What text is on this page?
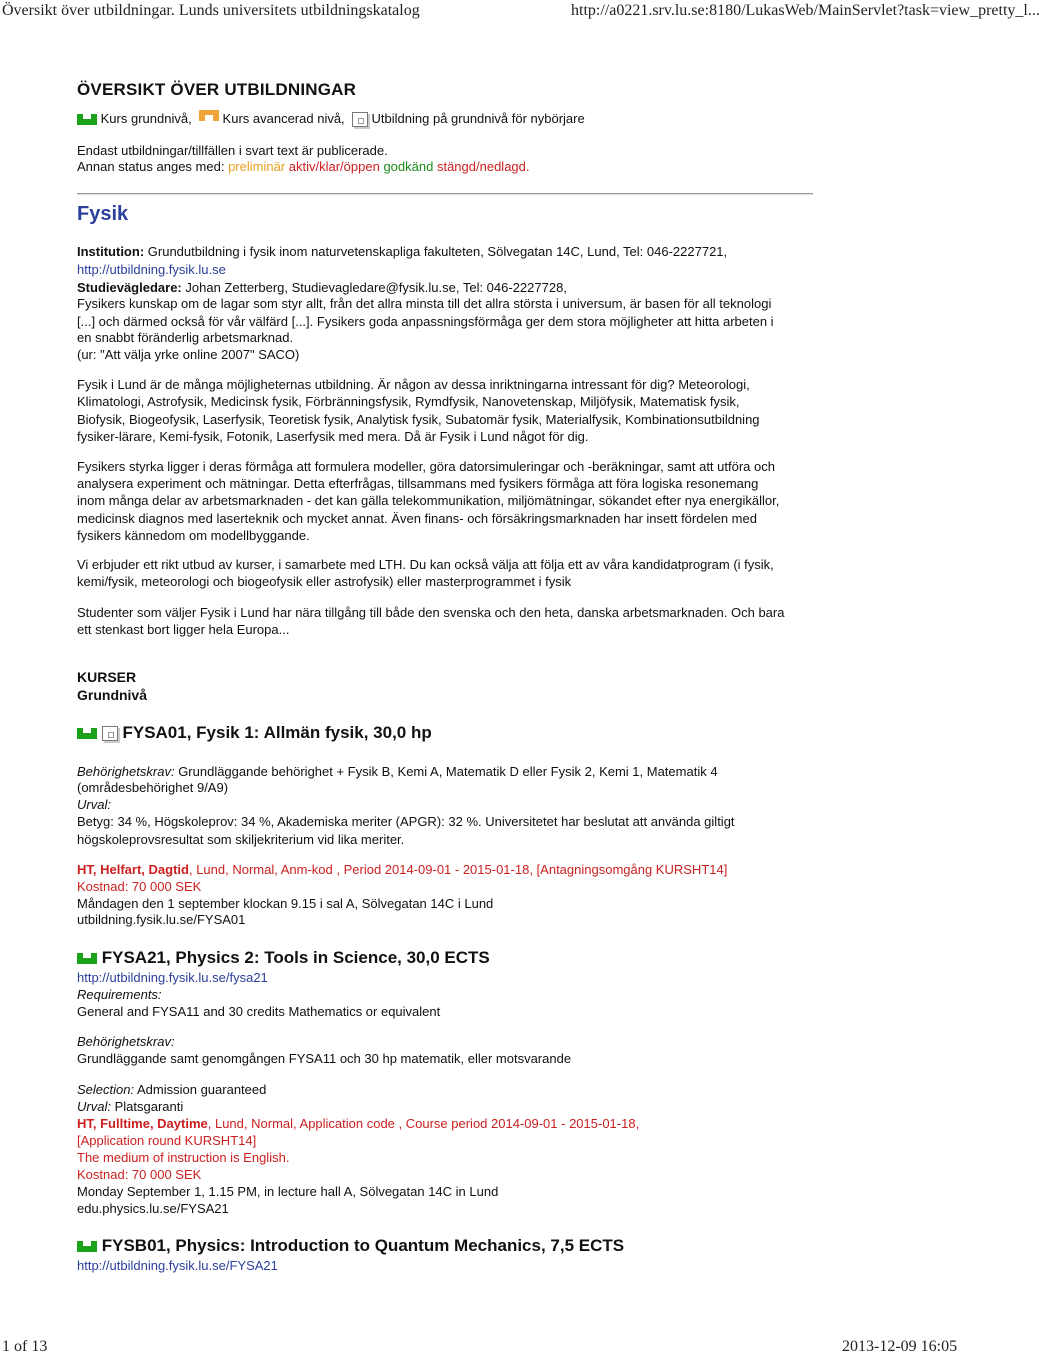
Översikt över utbildningar. Lunds universitets utbildningskatalog	http://a0221.srv.lu.se:8180/LukasWeb/MainServlet?task=view_pretty_l...
ÖVERSIKT ÖVER UTBILDNINGAR
Kurs grundnivå, Kurs avancerad nivå, Utbildning på grundnivå för nybörjare
Endast utbildningar/tillfällen i svart text är publicerade.
Annan status anges med: preliminär aktiv/klar/öppen godkänd stängd/nedlagd.
Fysik
Institution: Grundutbildning i fysik inom naturvetenskapliga fakulteten, Sölvegatan 14C, Lund, Tel: 046-2227721,
http://utbildning.fysik.lu.se
Studievägledare: Johan Zetterberg, Studievagledare@fysik.lu.se, Tel: 046-2227728,
Fysikers kunskap om de lagar som styr allt, från det allra minsta till det allra största i universum, är basen för all teknologi
[...] och därmed också för vår välfärd [...]. Fysikers goda anpassningsförmåga ger dem stora möjligheter att hitta arbeten i
en snabbt föränderlig arbetsmarknad.
(ur: "Att välja yrke online 2007" SACO)
Fysik i Lund är de många möjligheternas utbildning. Är någon av dessa inriktningarna intressant för dig? Meteorologi,
Klimatologi, Astrofysik, Medicinsk fysik, Förbränningsfysik, Rymdfysik, Nanovetenskap, Miljöfysik, Matematisk fysik,
Biofysik, Biogeofysik, Laserfysik, Teoretisk fysik, Analytisk fysik, Subatomär fysik, Materialfysik, Kombinationsutbildning
fysiker-lärare, Kemi-fysik, Fotonik, Laserfysik med mera. Då är Fysik i Lund något för dig.
Fysikers styrka ligger i deras förmåga att formulera modeller, göra datorsimuleringar och -beräkningar, samt att utföra och
analysera experiment och mätningar. Detta efterfrågas, tillsammans med fysikers förmåga att föra logiska resonemang
inom många delar av arbetsmarknaden - det kan gälla telekommunikation, miljömätningar, sökandet efter nya energikällor,
medicinsk diagnos med laserteknik och mycket annat. Även finans- och försäkringsmarknaden har insett fördelen med
fysikers kännedom om modellbyggande.
Vi erbjuder ett rikt utbud av kurser, i samarbete med LTH. Du kan också välja att följa ett av våra kandidatprogram (i fysik,
kemi/fysik, meteorologi och biogeofysik eller astrofysik) eller masterprogrammet i fysik
Studenter som väljer Fysik i Lund har nära tillgång till både den svenska och den heta, danska arbetsmarknaden. Och bara
ett stenkast bort ligger hela Europa...
KURSER
Grundnivå
FYSA01, Fysik 1: Allmän fysik, 30,0 hp
Behörighetskrav: Grundläggande behörighet + Fysik B, Kemi A, Matematik D eller Fysik 2, Kemi 1, Matematik 4
(områdesbehörighet 9/A9)
Urval:
Betyg: 34 %, Högskoleprov: 34 %, Akademiska meriter (APGR): 32 %. Universitetet har beslutat att använda giltigt
högskoleprovsresultat som skiljekriterium vid lika meriter.
HT, Helfart, Dagtid, Lund, Normal, Anm-kod , Period 2014-09-01 - 2015-01-18, [Antagningsomgång KURSHT14]
Kostnad: 70 000 SEK
Måndagen den 1 september klockan 9.15 i sal A, Sölvegatan 14C i Lund
utbildning.fysik.lu.se/FYSA01
FYSA21, Physics 2: Tools in Science, 30,0 ECTS
http://utbildning.fysik.lu.se/fysa21
Requirements:
General and FYSA11 and 30 credits Mathematics or equivalent
Behörighetskrav:
Grundläggande samt genomgången FYSA11 och 30 hp matematik, eller motsvarande
Selection: Admission guaranteed
Urval: Platsgaranti
HT, Fulltime, Daytime, Lund, Normal, Application code , Course period 2014-09-01 - 2015-01-18,
[Application round KURSHT14]
The medium of instruction is English.
Kostnad: 70 000 SEK
Monday September 1, 1.15 PM, in lecture hall A, Sölvegatan 14C in Lund
edu.physics.lu.se/FYSA21
FYSB01, Physics: Introduction to Quantum Mechanics, 7,5 ECTS
http://utbildning.fysik.lu.se/FYSA21
1 of 13	2013-12-09 16:05
